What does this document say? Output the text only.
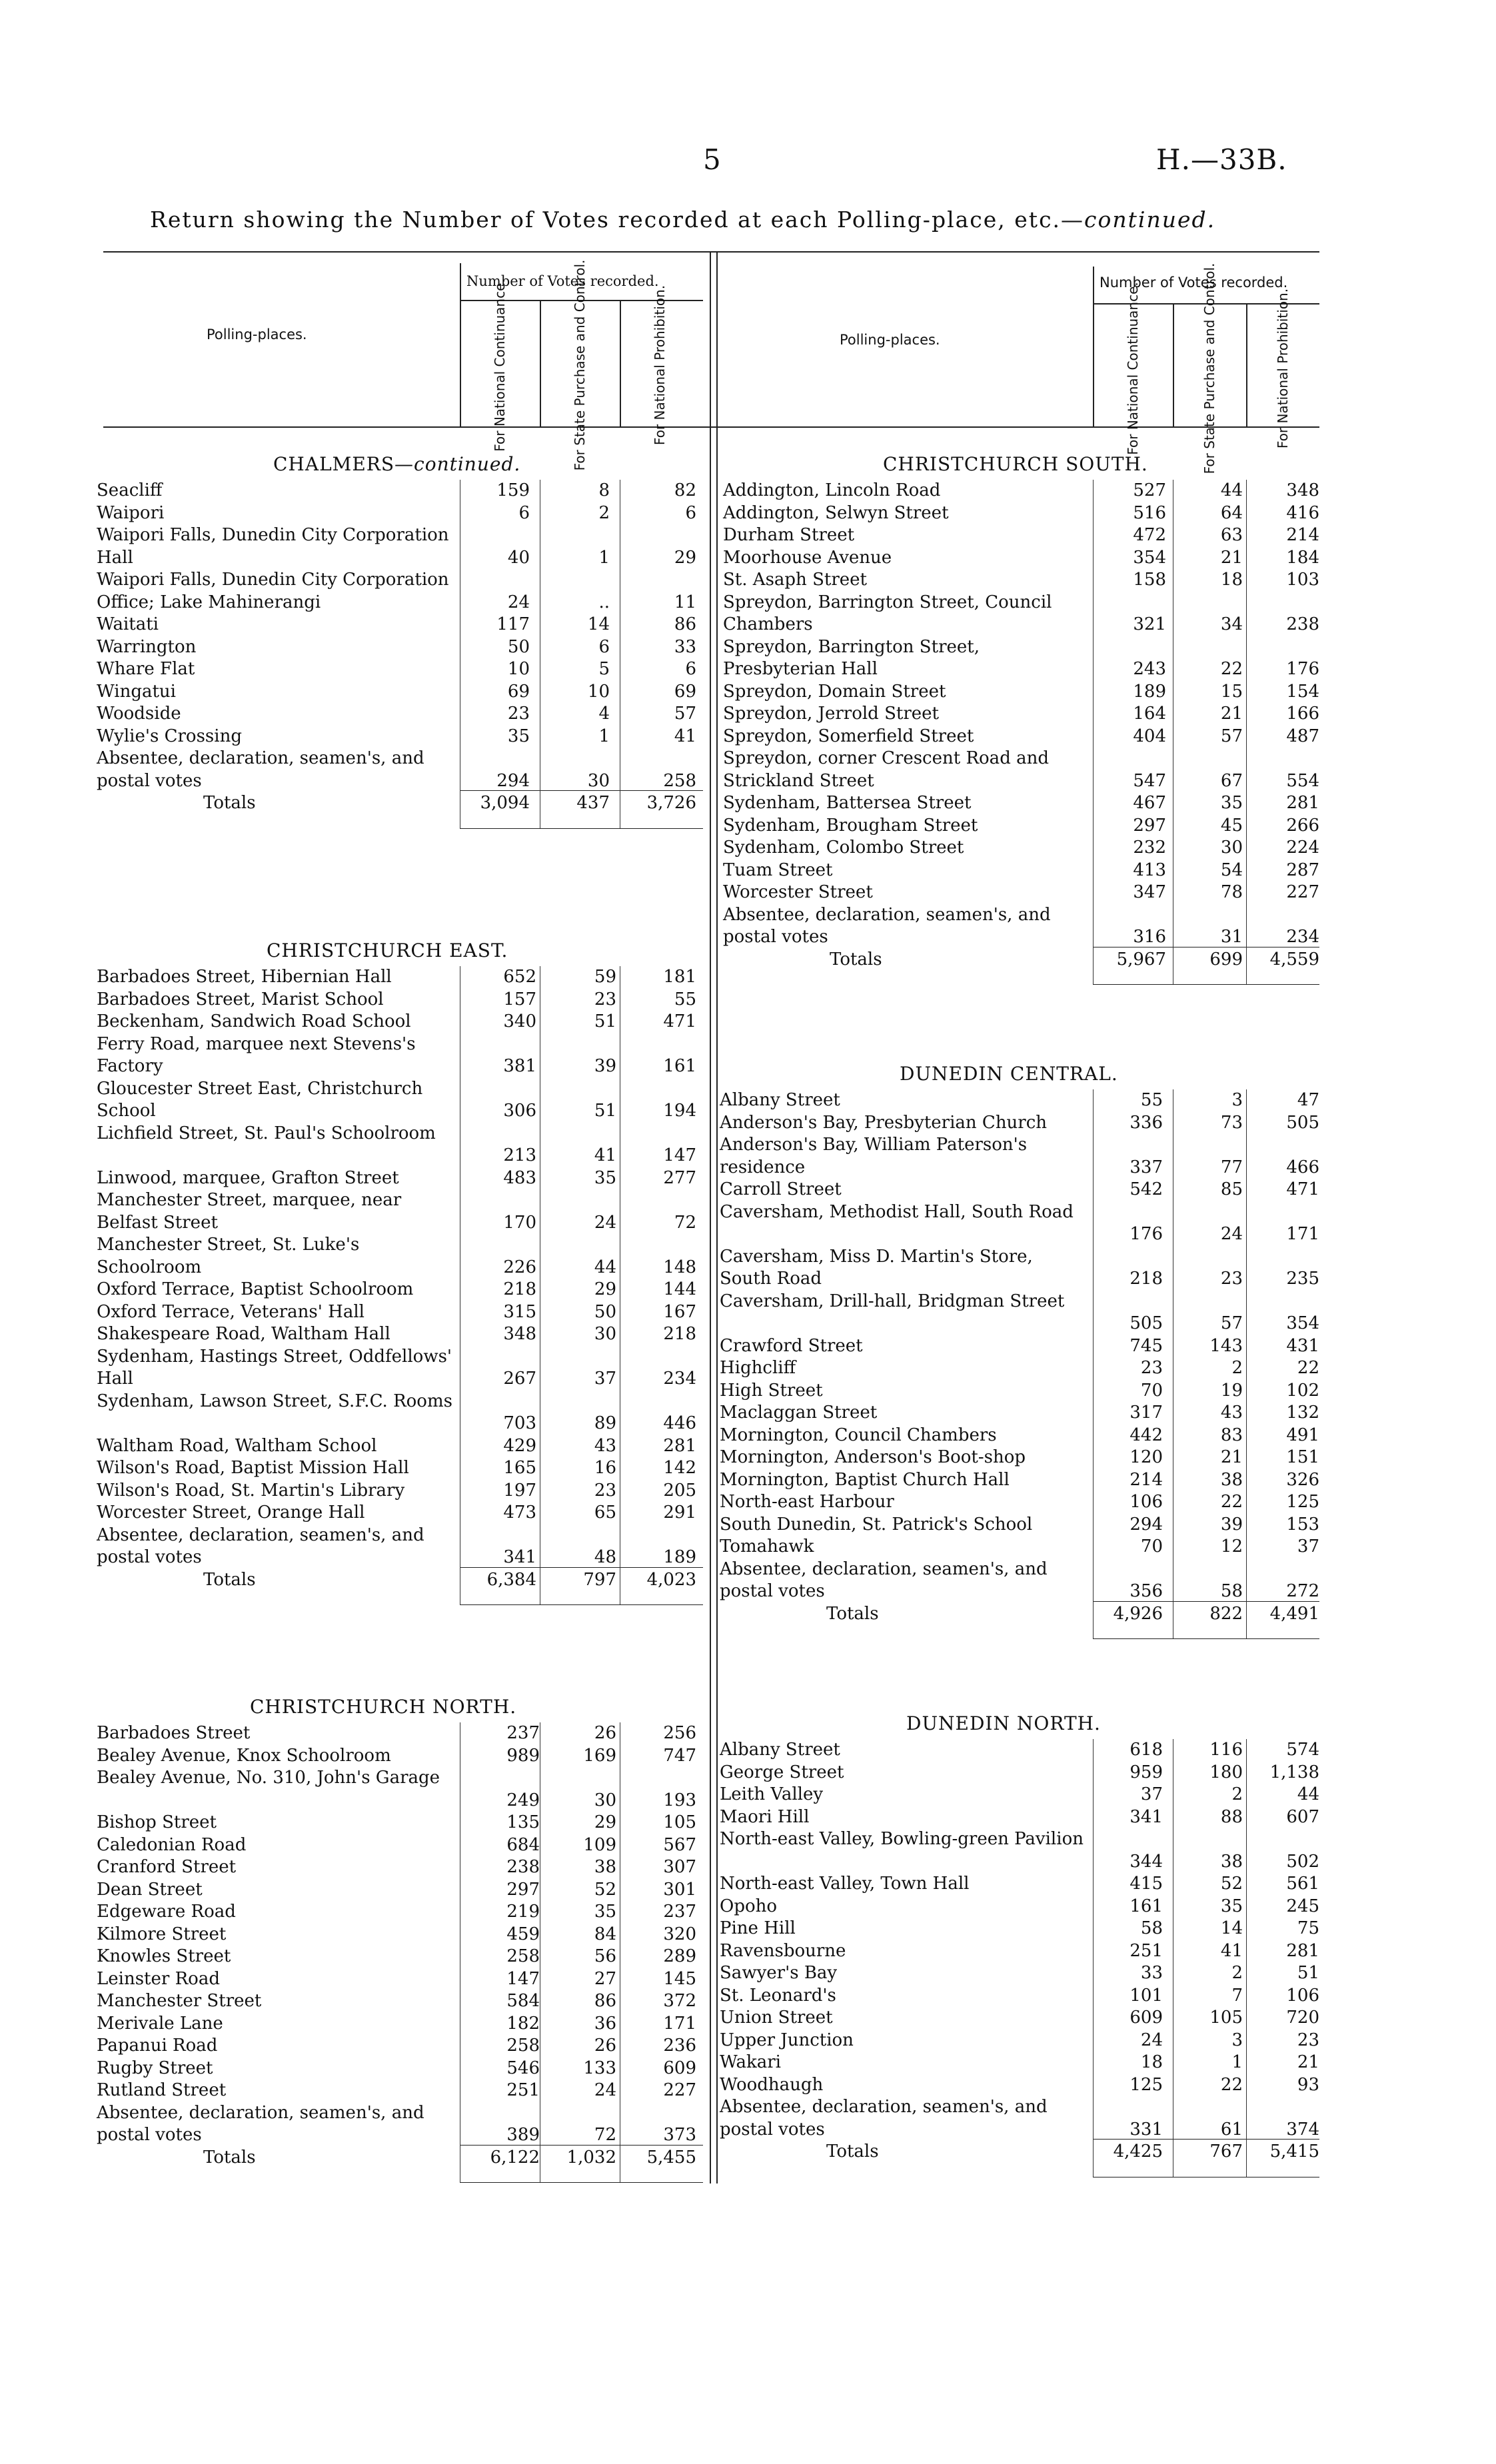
5	H.—33B.
Return showing the Number of Votes recorded at each Polling-place, etc.—continued.
Polling-places.	Polling-places.
Number of Votes recorded.	Number of Votes recorded.
For National Continuance.	For State Purchase and Control.	For National Prohibition.	For National Continuance.	For State Purchase and Control.	For National Prohibition.
CHALMERS—continued.
Seacliff	159	8	82
Waipori	6	2	6
Waipori Falls, Dunedin City Corporation Hall	40	1	29
Waipori Falls, Dunedin City Corporation Office; Lake Mahinerangi	24	..	11
Waitati	117	14	86
Warrington	50	6	33
Whare Flat	10	5	6
Wingatui	69	10	69
Woodside	23	4	57
Wylie's Crossing	35	1	41
Absentee, declaration, seamen's, and postal votes	294	30	258
Totals	3,094	437	3,726
CHRISTCHURCH EAST.
Barbadoes Street, Hibernian Hall	652	59	181
Barbadoes Street, Marist School	157	23	55
Beckenham, Sandwich Road School	340	51	471
Ferry Road, marquee next Stevens's Factory	381	39	161
Gloucester Street East, Christchurch School	306	51	194
Lichfield Street, St. Paul's Schoolroom
213	41	147
Linwood, marquee, Grafton Street	483	35	277
Manchester Street, marquee, near Belfast Street	170	24	72
Manchester Street, St. Luke's Schoolroom	226	44	148
Oxford Terrace, Baptist Schoolroom	218	29	144
Oxford Terrace, Veterans' Hall	315	50	167
Shakespeare Road, Waltham Hall	348	30	218
Sydenham, Hastings Street, Oddfellows' Hall	267	37	234
Sydenham, Lawson Street, S.F.C. Rooms
703	89	446
Waltham Road, Waltham School	429	43	281
Wilson's Road, Baptist Mission Hall	165	16	142
Wilson's Road, St. Martin's Library	197	23	205
Worcester Street, Orange Hall	473	65	291
Absentee, declaration, seamen's, and postal votes	341	48	189
Totals	6,384	797	4,023
CHRISTCHURCH NORTH.
Barbadoes Street	237	26	256
Bealey Avenue, Knox Schoolroom	989	169	747
Bealey Avenue, No. 310, John's Garage
249	30	193
Bishop Street	135	29	105
Caledonian Road	684	109	567
Cranford Street	238	38	307
Dean Street	297	52	301
Edgeware Road	219	35	237
Kilmore Street	459	84	320
Knowles Street	258	56	289
Leinster Road	147	27	145
Manchester Street	584	86	372
Merivale Lane	182	36	171
Papanui Road	258	26	236
Rugby Street	546	133	609
Rutland Street	251	24	227
Absentee, declaration, seamen's, and postal votes	389	72	373
Totals	6,122	1,032	5,455
CHRISTCHURCH SOUTH.
Addington, Lincoln Road	527	44	348
Addington, Selwyn Street	516	64	416
Durham Street	472	63	214
Moorhouse Avenue	354	21	184
St. Asaph Street	158	18	103
Spreydon, Barrington Street, Council Chambers	321	34	238
Spreydon, Barrington Street, Presbyterian Hall	243	22	176
Spreydon, Domain Street	189	15	154
Spreydon, Jerrold Street	164	21	166
Spreydon, Somerfield Street	404	57	487
Spreydon, corner Crescent Road and Strickland Street	547	67	554
Sydenham, Battersea Street	467	35	281
Sydenham, Brougham Street	297	45	266
Sydenham, Colombo Street	232	30	224
Tuam Street	413	54	287
Worcester Street	347	78	227
Absentee, declaration, seamen's, and postal votes	316	31	234
Totals	5,967	699	4,559
DUNEDIN CENTRAL.
Albany Street	55	3	47
Anderson's Bay, Presbyterian Church	336	73	505
Anderson's Bay, William Paterson's residence	337	77	466
Carroll Street	542	85	471
Caversham, Methodist Hall, South Road
176	24	171
Caversham, Miss D. Martin's Store, South Road	218	23	235
Caversham, Drill-hall, Bridgman Street
505	57	354
Crawford Street	745	143	431
Highcliff	23	2	22
High Street	70	19	102
Maclaggan Street	317	43	132
Mornington, Council Chambers	442	83	491
Mornington, Anderson's Boot-shop	120	21	151
Mornington, Baptist Church Hall	214	38	326
North-east Harbour	106	22	125
South Dunedin, St. Patrick's School	294	39	153
Tomahawk	70	12	37
Absentee, declaration, seamen's, and postal votes	356	58	272
Totals	4,926	822	4,491
DUNEDIN NORTH.
Albany Street	618	116	574
George Street	959	180	1,138
Leith Valley	37	2	44
Maori Hill	341	88	607
North-east Valley, Bowling-green Pavilion
344	38	502
North-east Valley, Town Hall	415	52	561
Opoho	161	35	245
Pine Hill	58	14	75
Ravensbourne	251	41	281
Sawyer's Bay	33	2	51
St. Leonard's	101	7	106
Union Street	609	105	720
Upper Junction	24	3	23
Wakari	18	1	21
Woodhaugh	125	22	93
Absentee, declaration, seamen's, and postal votes	331	61	374
Totals	4,425	767	5,415
